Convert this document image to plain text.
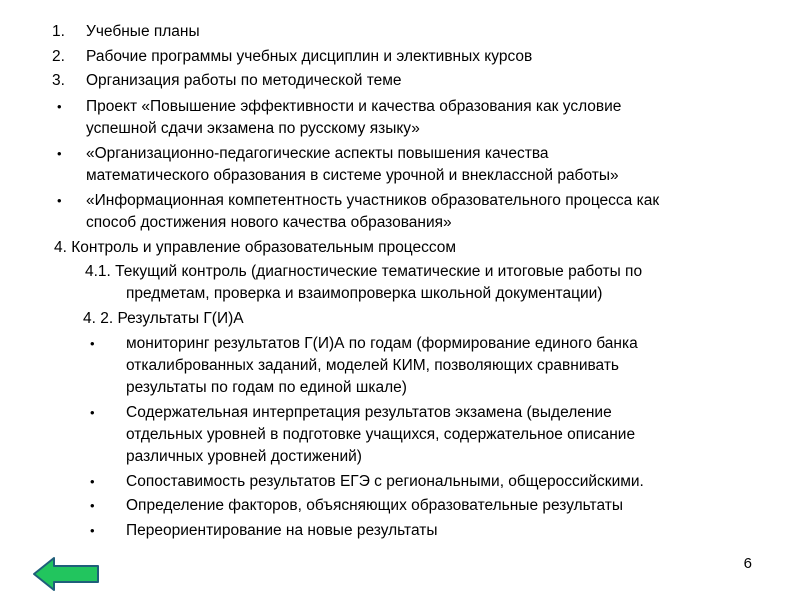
1. Учебные планы
2. Рабочие программы учебных дисциплин и элективных курсов
3. Организация работы по методической теме
• Проект «Повышение эффективности и качества образования как условие
успешной сдачи экзамена по русскому языку»
• «Организационно-педагогические аспекты повышения качества
математического образования в системе урочной и внеклассной работы»
• «Информационная компетентность участников образовательного процесса как
способ достижения нового качества образования»
4. Контроль и управление образовательным процессом
4.1. Текущий контроль (диагностические тематические и итоговые работы по
предметам, проверка и взаимопроверка школьной документации)
4. 2. Результаты Г(И)А
• мониторинг результатов Г(И)А по годам (формирование единого банка
откалиброванных заданий, моделей КИМ, позволяющих сравнивать
результаты по годам по единой шкале)
• Содержательная интерпретация результатов экзамена (выделение
отдельных уровней в подготовке учащихся, содержательное описание
различных уровней достижений)
• Сопоставимость результатов ЕГЭ с региональными, общероссийскими.
• Определение факторов, объясняющих образовательные результаты
• Переориентирование на новые результаты
6
